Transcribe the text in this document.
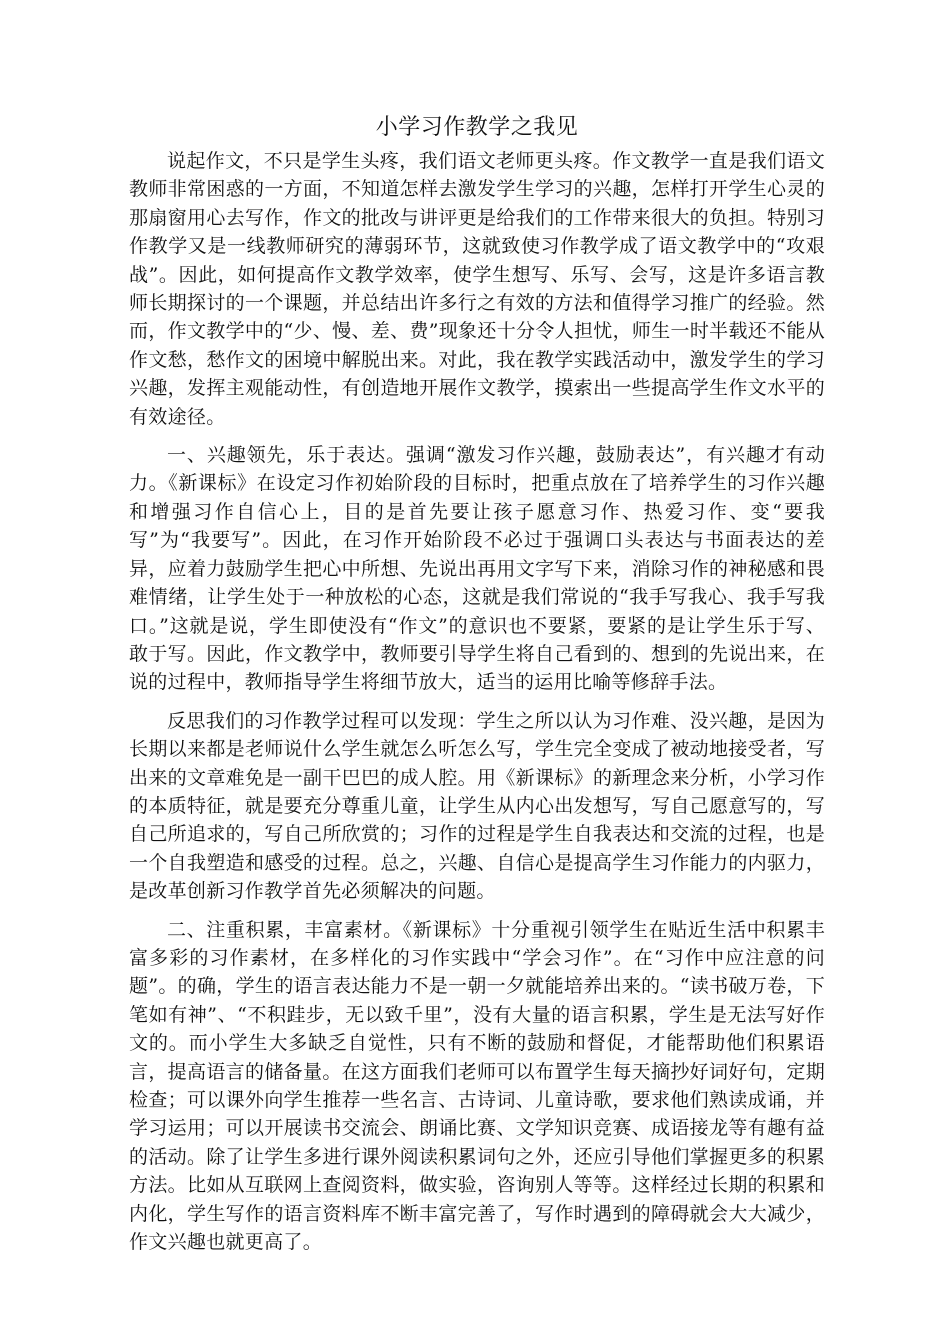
小学习作教学之我见

说起作文，不只是学生头疼，我们语文老师更头疼。作文教学一直是我们语文教师非常困惑的一方面，不知道怎样去激发学生学习的兴趣，怎样打开学生心灵的那扇窗用心去写作，作文的批改与讲评更是给我们的工作带来很大的负担。特别习作教学又是一线教师研究的薄弱环节，这就致使习作教学成了语文教学中的“攻艰战”。因此，如何提高作文教学效率，使学生想写、乐写、会写，这是许多语言教师长期探讨的一个课题，并总结出许多行之有效的方法和值得学习推广的经验。然而，作文教学中的“少、慢、差、费”现象还十分令人担忧，师生一时半载还不能从作文愁，愁作文的困境中解脱出来。对此，我在教学实践活动中，激发学生的学习兴趣，发挥主观能动性，有创造地开展作文教学，摸索出一些提高学生作文水平的有效途径。

一、兴趣领先，乐于表达。强调“激发习作兴趣，鼓励表达”，有兴趣才有动力。《新课标》在设定习作初始阶段的目标时，把重点放在了培养学生的习作兴趣和增强习作自信心上，目的是首先要让孩子愿意习作、热爱习作、变“要我写”为“我要写”。因此，在习作开始阶段不必过于强调口头表达与书面表达的差异，应着力鼓励学生把心中所想、先说出再用文字写下来，消除习作的神秘感和畏难情绪，让学生处于一种放松的心态，这就是我们常说的“我手写我心、我手写我口。”这就是说，学生即使没有“作文”的意识也不要紧，要紧的是让学生乐于写、敢于写。因此，作文教学中，教师要引导学生将自己看到的、想到的先说出来，在说的过程中，教师指导学生将细节放大，适当的运用比喻等修辞手法。

反思我们的习作教学过程可以发现：学生之所以认为习作难、没兴趣，是因为长期以来都是老师说什么学生就怎么听怎么写，学生完全变成了被动地接受者，写出来的文章难免是一副干巴巴的成人腔。用《新课标》的新理念来分析，小学习作的本质特征，就是要充分尊重儿童，让学生从内心出发想写，写自己愿意写的，写自己所追求的，写自己所欣赏的；习作的过程是学生自我表达和交流的过程，也是一个自我塑造和感受的过程。总之，兴趣、自信心是提高学生习作能力的内驱力，是改革创新习作教学首先必须解决的问题。

二、注重积累，丰富素材。《新课标》十分重视引领学生在贴近生活中积累丰富多彩的习作素材，在多样化的习作实践中“学会习作”。在“习作中应注意的问题”。的确，学生的语言表达能力不是一朝一夕就能培养出来的。“读书破万卷，下笔如有神”、“不积跬步，无以致千里”，没有大量的语言积累，学生是无法写好作文的。而小学生大多缺乏自觉性，只有不断的鼓励和督促，才能帮助他们积累语言，提高语言的储备量。在这方面我们老师可以布置学生每天摘抄好词好句，定期检查；可以课外向学生推荐一些名言、古诗词、儿童诗歌，要求他们熟读成诵，并学习运用；可以开展读书交流会、朗诵比赛、文学知识竞赛、成语接龙等有趣有益的活动。除了让学生多进行课外阅读积累词句之外，还应引导他们掌握更多的积累方法。比如从互联网上查阅资料，做实验，咨询别人等等。这样经过长期的积累和内化，学生写作的语言资料库不断丰富完善了，写作时遇到的障碍就会大大减少，作文兴趣也就更高了。
